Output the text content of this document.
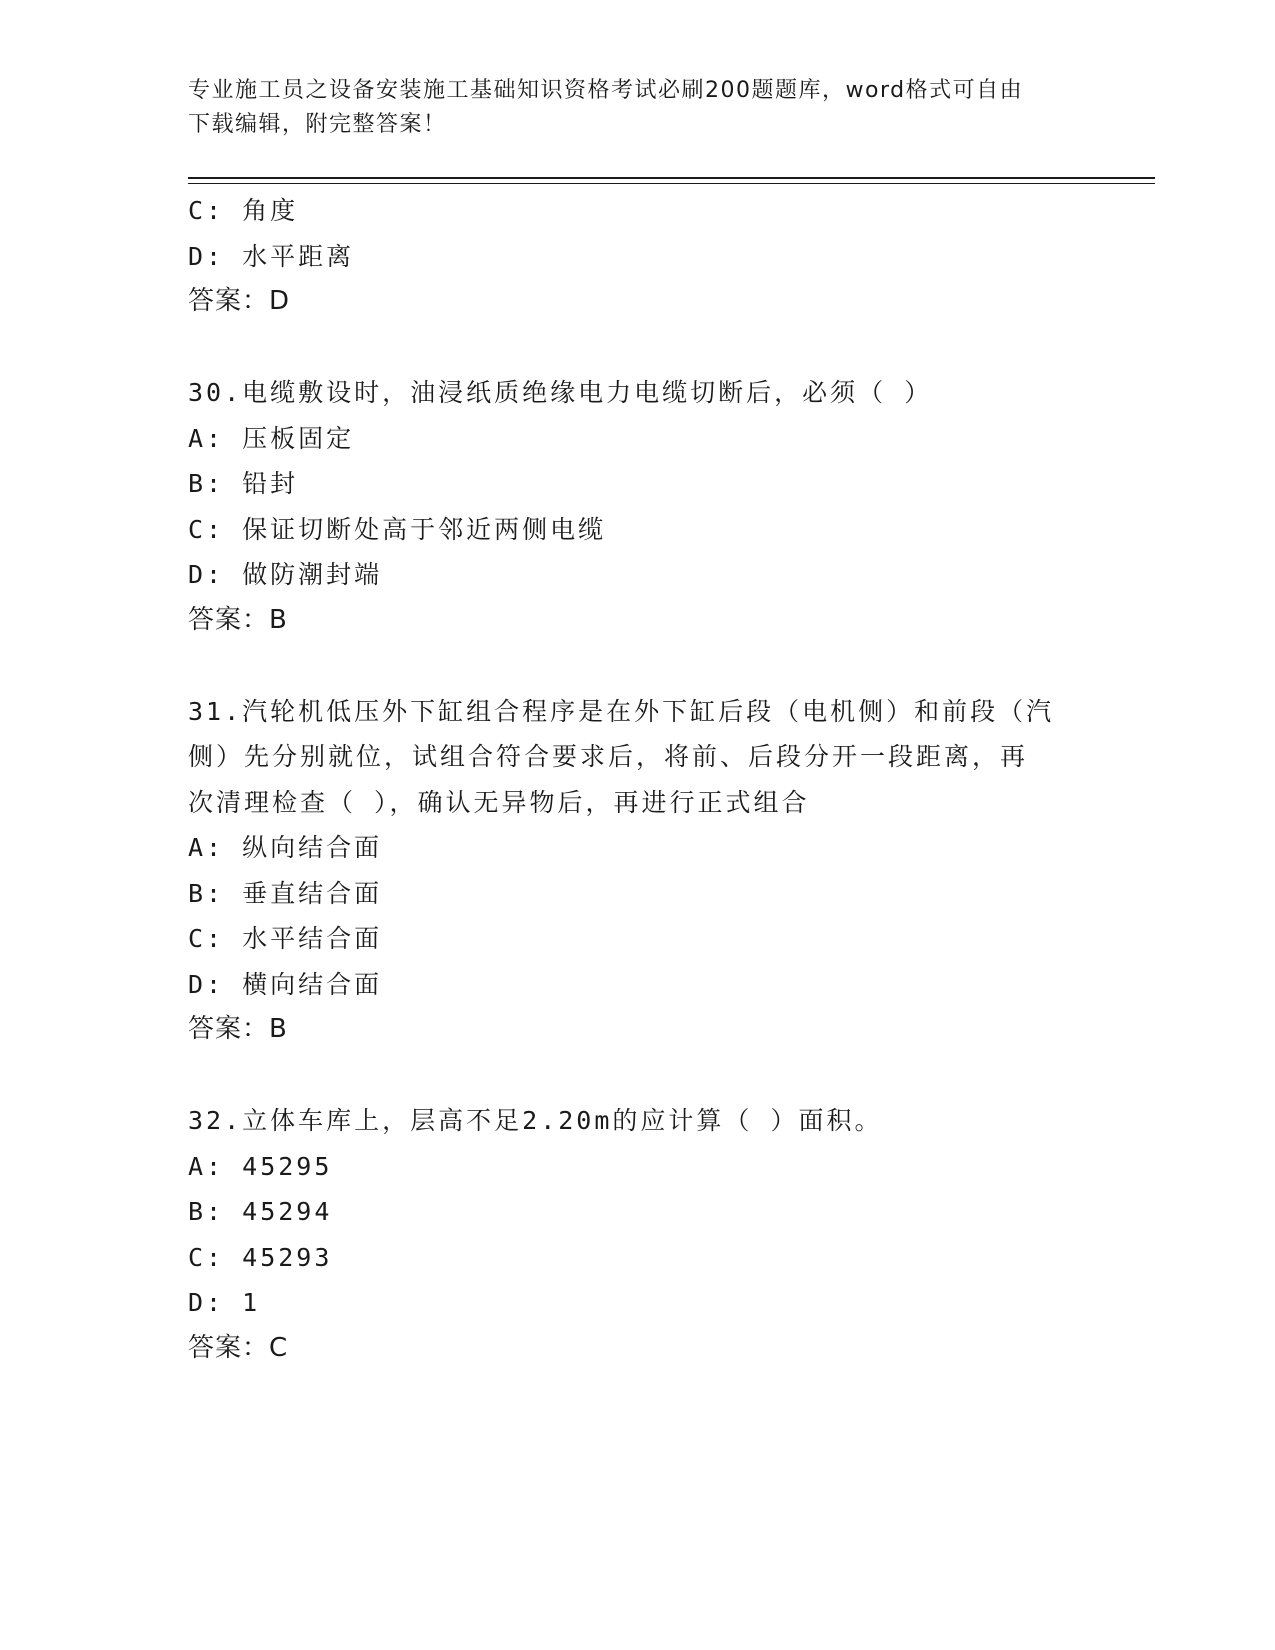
专业施工员之设备安装施工基础知识资格考试必刷200题题库，word格式可自由
下载编辑，附完整答案！
C: 角度
D: 水平距离
答案：D
30.电缆敷设时，油浸纸质绝缘电力电缆切断后，必须（ ）
A: 压板固定
B: 铅封
C: 保证切断处高于邻近两侧电缆
D: 做防潮封端
答案：B
31.汽轮机低压外下缸组合程序是在外下缸后段（电机侧）和前段（汽
侧）先分别就位，试组合符合要求后，将前、后段分开一段距离，再
次清理检查（ ），确认无异物后，再进行正式组合
A: 纵向结合面
B: 垂直结合面
C: 水平结合面
D: 横向结合面
答案：B
32.立体车库上，层高不足2.20m的应计算（ ）面积。
A: 45295
B: 45294
C: 45293
D: 1
答案：C
